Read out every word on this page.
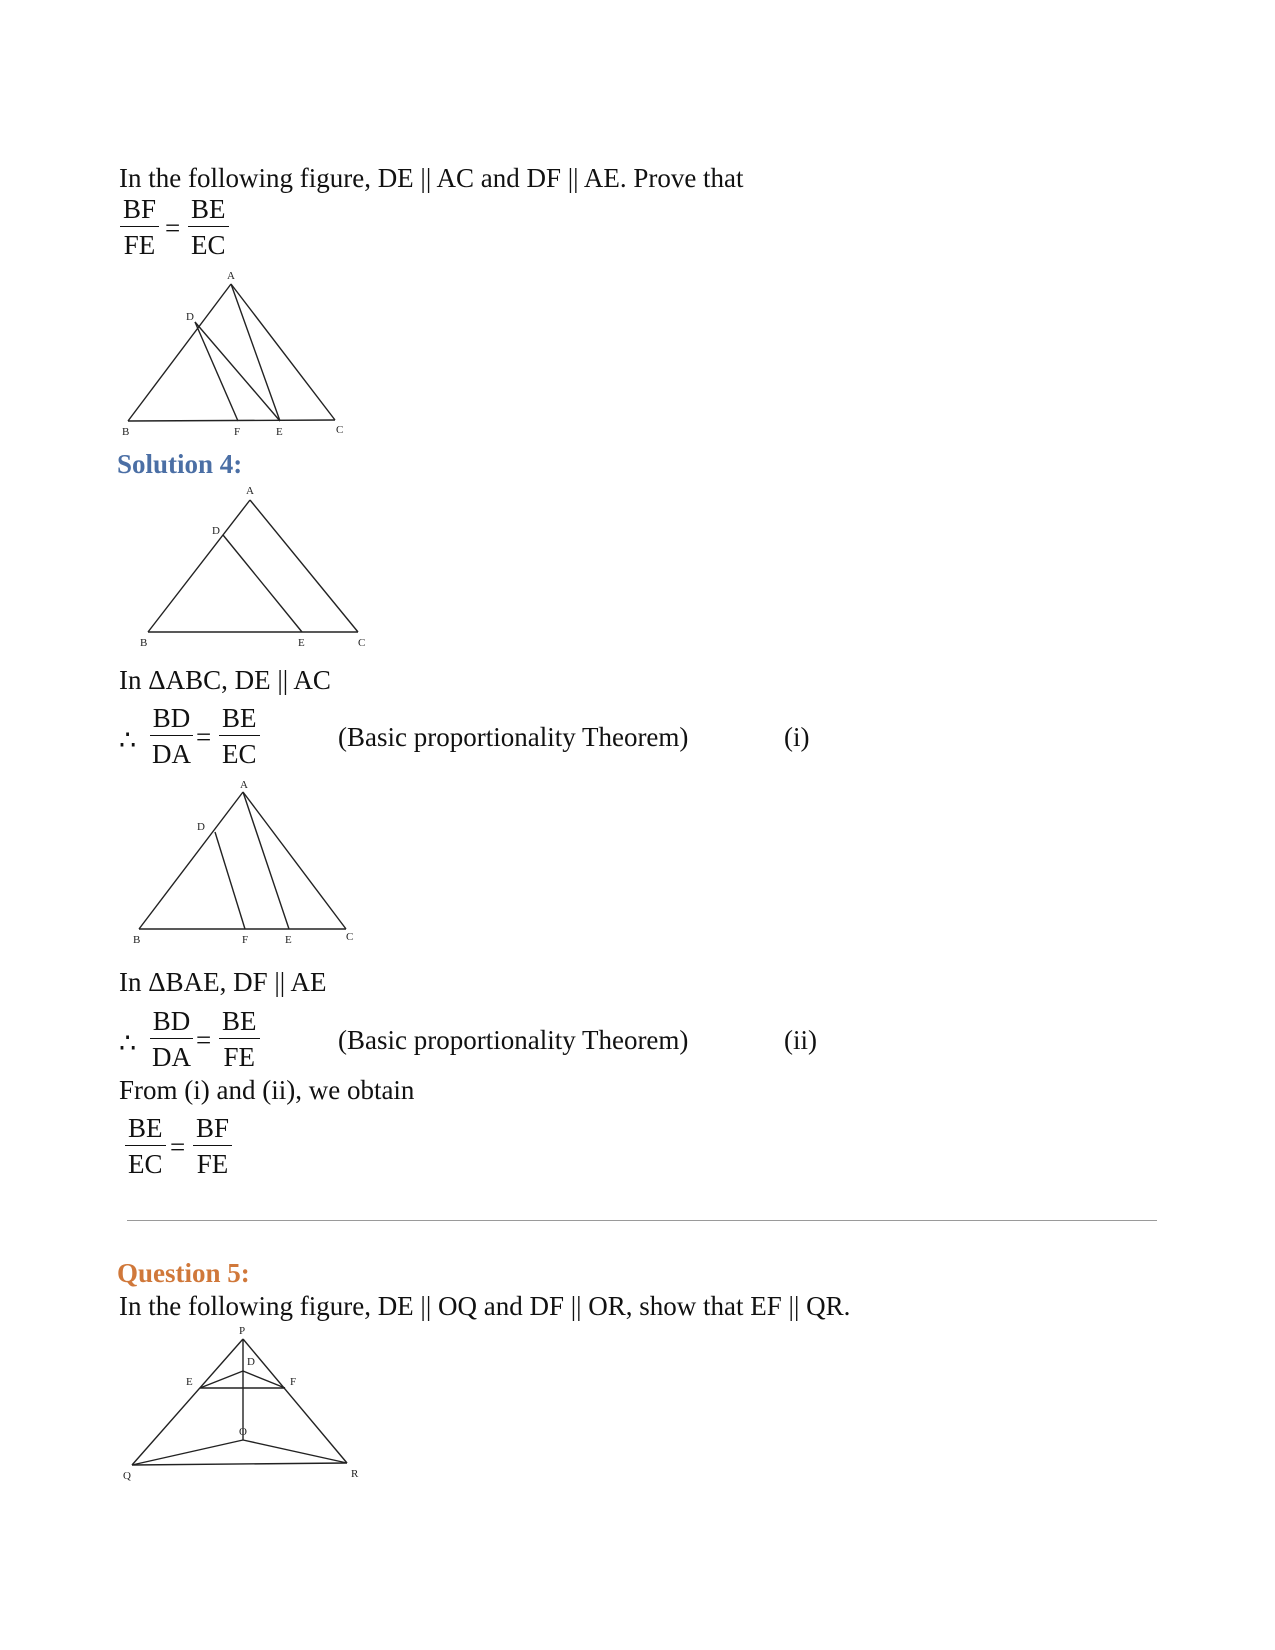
In the following figure, DE || AC and DF || AE. Prove that
$\frac{BF}{FE} = \frac{BE}{EC}$
A
D
B	F	E	C
Solution 4:
A
D
B	E	C
In ΔABC, DE || AC
∴ $\frac{BD}{DA} = \frac{BE}{EC}$	(Basic proportionality Theorem)	(i)
A
D
B	F	E	C
In ΔBAE, DF || AE
∴ $\frac{BD}{DA} = \frac{BE}{FE}$	(Basic proportionality Theorem)	(ii)
From (i) and (ii), we obtain
$\frac{BE}{EC} = \frac{BF}{FE}$
Question 5:
In the following figure, DE || OQ and DF || OR, show that EF || QR.
P
D
E	F
O
Q	R
